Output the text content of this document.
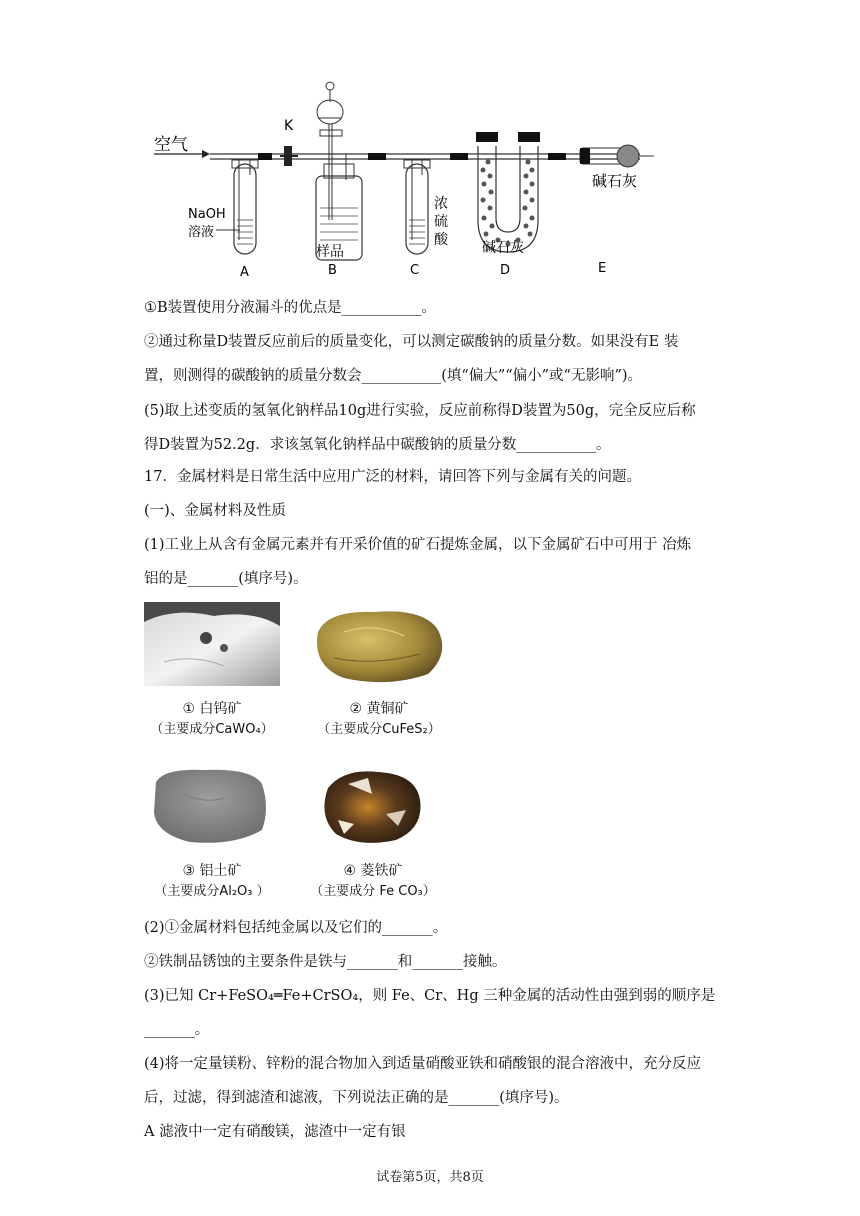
空气
K
NaOH
溶液
A
样品
B
浓
硫
酸
C
碱石灰
D
碱石灰
E
①B装置使用分液漏斗的优点是___________。
②通过称量D装置反应前后的质量变化，可以测定碳酸钠的质量分数。如果没有E 装
置，则测得的碳酸钠的质量分数会___________(填“偏大”“偏小”或“无影响”)。
(5)取上述变质的氢氧化钠样品10g进行实验，反应前称得D装置为50g，完全反应后称
得D装置为52.2g．求该氢氧化钠样品中碳酸钠的质量分数___________。
17．金属材料是日常生活中应用广泛的材料，请回答下列与金属有关的问题。
(一)、金属材料及性质
(1)工业上从含有金属元素并有开采价值的矿石提炼金属，以下金属矿石中可用于 冶炼
铝的是_______(填序号)。
① 白钨矿
（主要成分CaWO₄）
② 黄铜矿
（主要成分CuFeS₂）
③ 铝土矿
（主要成分Al₂O₃ ）
④ 菱铁矿
（主要成分 Fe CO₃）
(2)①金属材料包括纯金属以及它们的_______。
②铁制品锈蚀的主要条件是铁与_______和_______接触。
(3)已知 Cr+FeSO₄═Fe+CrSO₄，则 Fe、Cr、Hg 三种金属的活动性由强到弱的顺序是
_______。
(4)将一定量镁粉、锌粉的混合物加入到适量硝酸亚铁和硝酸银的混合溶液中，充分反应
后，过滤，得到滤渣和滤液，下列说法正确的是_______(填序号)。
A 滤液中一定有硝酸镁，滤渣中一定有银
试卷第5页，共8页
